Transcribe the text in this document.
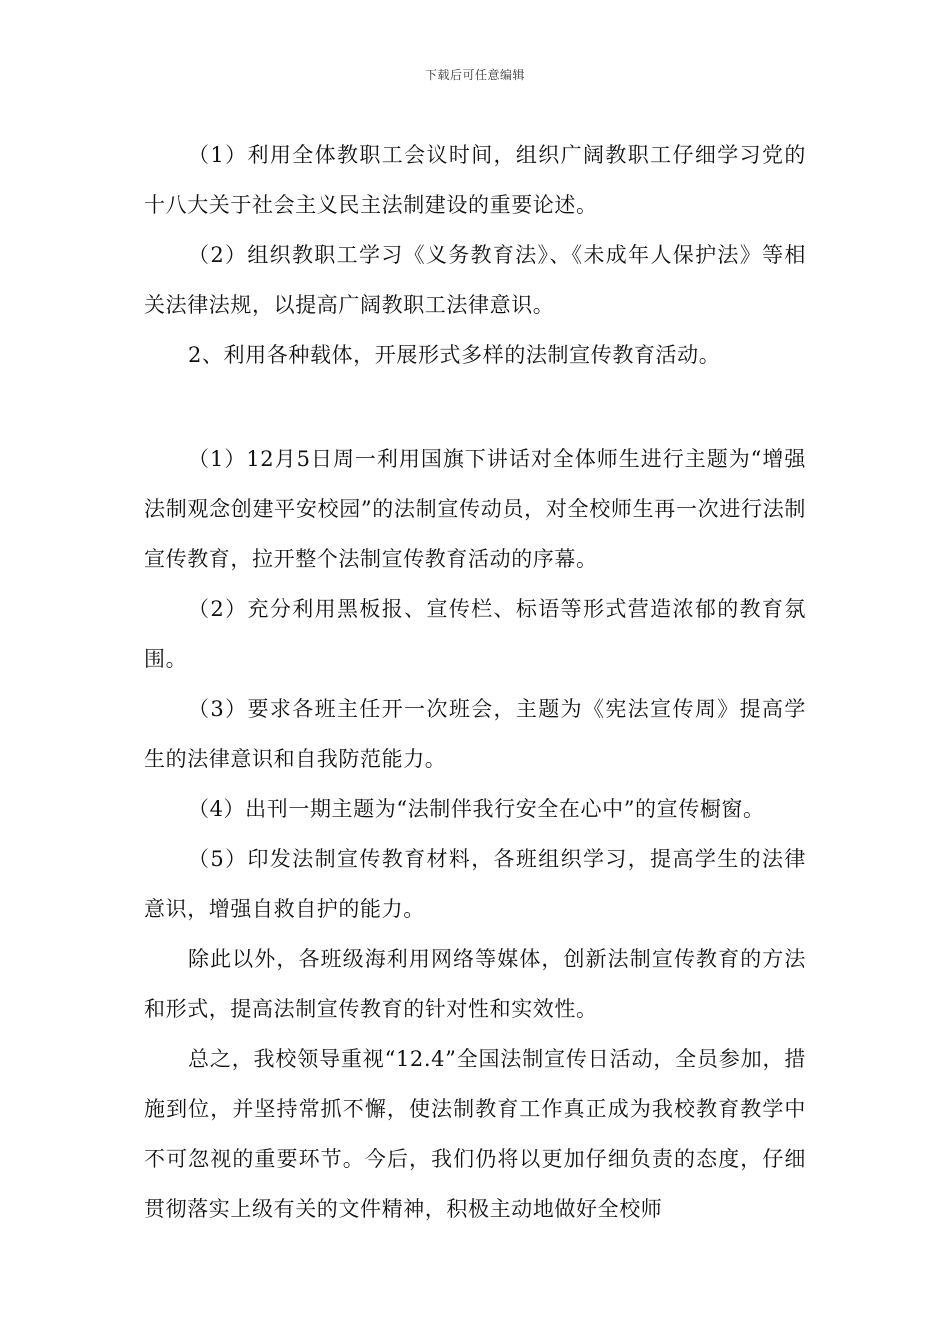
下载后可任意编辑

（1）利用全体教职工会议时间，组织广阔教职工仔细学习党的十八大关于社会主义民主法制建设的重要论述。

（2）组织教职工学习《义务教育法》、《未成年人保护法》等相关法律法规，以提高广阔教职工法律意识。

2、利用各种载体，开展形式多样的法制宣传教育活动。

（1）12月5日周一利用国旗下讲话对全体师生进行主题为“增强法制观念创建平安校园”的法制宣传动员，对全校师生再一次进行法制宣传教育，拉开整个法制宣传教育活动的序幕。

（2）充分利用黑板报、宣传栏、标语等形式营造浓郁的教育氛围。

（3）要求各班主任开一次班会，主题为《宪法宣传周》提高学生的法律意识和自我防范能力。

（4）出刊一期主题为“法制伴我行安全在心中”的宣传橱窗。

（5）印发法制宣传教育材料，各班组织学习，提高学生的法律意识，增强自救自护的能力。

除此以外，各班级海利用网络等媒体，创新法制宣传教育的方法和形式，提高法制宣传教育的针对性和实效性。

总之，我校领导重视“12.4”全国法制宣传日活动，全员参加，措施到位，并坚持常抓不懈，使法制教育工作真正成为我校教育教学中不可忽视的重要环节。今后，我们仍将以更加仔细负责的态度，仔细贯彻落实上级有关的文件精神，积极主动地做好全校师
